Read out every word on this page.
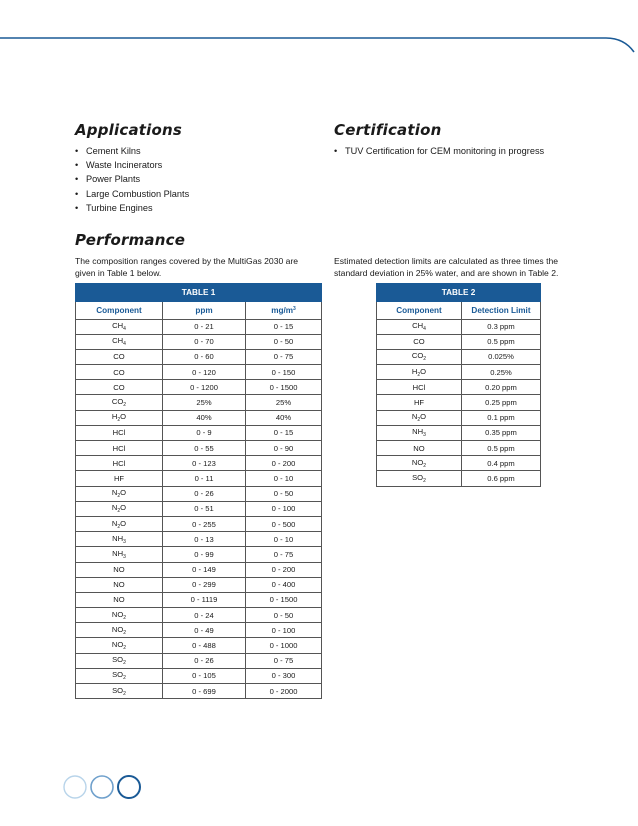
Applications
• Cement Kilns
• Waste Incinerators
• Power Plants
• Large Combustion Plants
• Turbine Engines
Certification
• TUV Certification for CEM monitoring in progress
Performance
The composition ranges covered by the MultiGas 2030 are
given in Table 1 below.
Estimated detection limits are calculated as three times the
standard deviation in 25% water, and are shown in Table 2.
TABLE 1		
Component	ppm	$mg/m^3$
$CH_4$	0 - 21	0 - 15
$CH_4$	0 - 70	0 - 50
CO	0 - 60	0 - 75
CO	0 - 120	0 - 150
CO	0 - 1200	0 - 1500
$CO_2$	25%	25%
$H_2O$	40%	40%
HCl	0 - 9	0 - 15
HCl	0 - 55	0 - 90
HCl	0 - 123	0 - 200
HF	0 - 11	0 - 10
$N_2O$	0 - 26	0 - 50
$N_2O$	0 - 51	0 - 100
$N_2O$	0 - 255	0 - 500
$NH_3$	0 - 13	0 - 10
$NH_3$	0 - 99	0 - 75
NO	0 - 149	0 - 200
NO	0 - 299	0 - 400
NO	0 - 1119	0 - 1500
$NO_2$	0 - 24	0 - 50
$NO_2$	0 - 49	0 - 100
$NO_2$	0 - 488	0 - 1000
$SO_2$	0 - 26	0 - 75
$SO_2$	0 - 105	0 - 300
$SO_2$	0 - 699	0 - 2000
TABLE 2	
Component	Detection Limit
$CH_4$	0.3 ppm
CO	0.5 ppm
$CO_2$	0.025%
$H_2O$	0.25%
HCl	0.20 ppm
HF	0.25 ppm
$N_2O$	0.1 ppm
$NH_3$	0.35 ppm
NO	0.5 ppm
$NO_2$	0.4 ppm
$SO_2$	0.6 ppm
